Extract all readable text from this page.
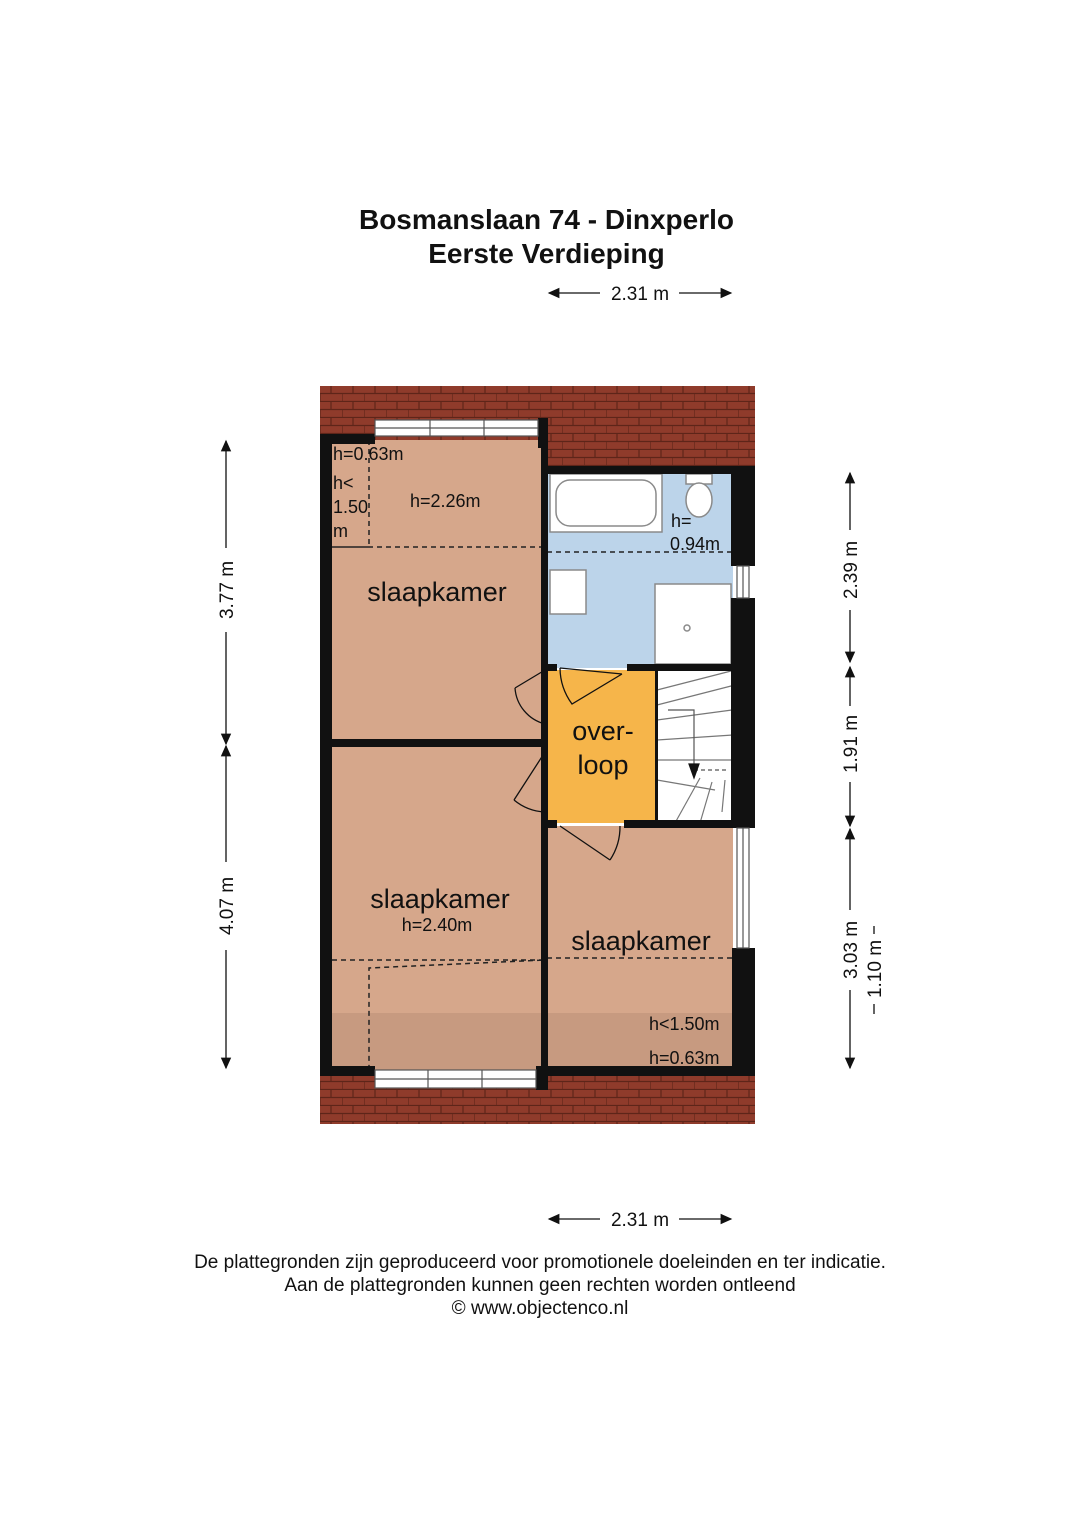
Bosmanslaan 74 - Dinxperlo
Eerste Verdieping
slaapkamer
h=0.63m
h<
1.50
m
h=2.26m
h=
0.94m
over-
loop
slaapkamer
h=2.40m
slaapkamer
h<1.50m
h=0.63m
2.31 m
2.31 m
3.77 m
4.07 m
2.39 m
1.91 m
3.03 m 1.10 m
De plattegronden zijn geproduceerd voor promotionele doeleinden en ter indicatie.
Aan de plattegronden kunnen geen rechten worden ontleend
© www.objectenco.nl
